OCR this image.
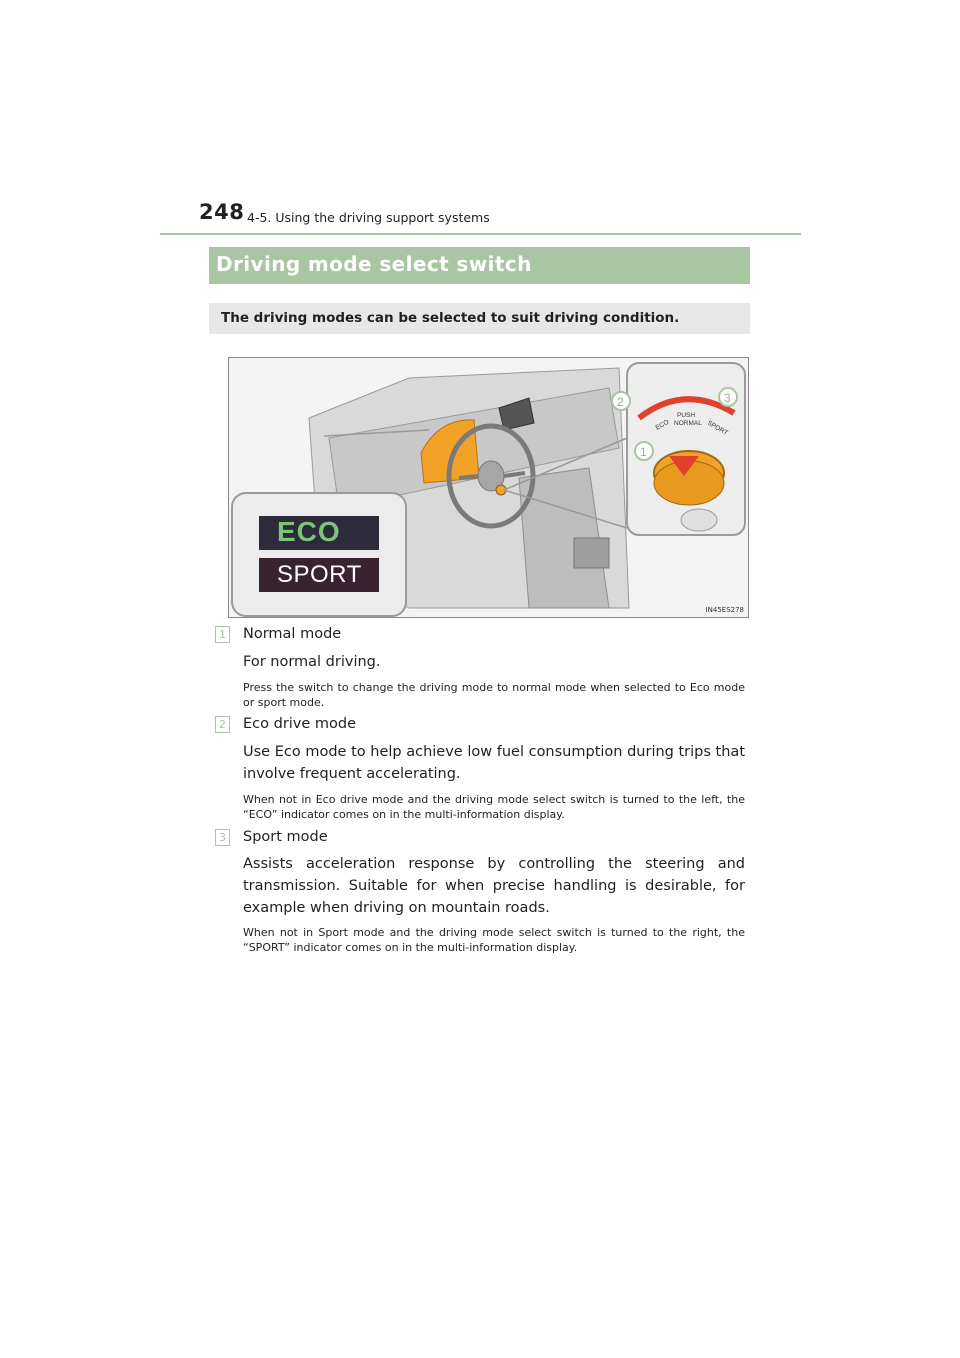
248 4-5. Using the driving support systems
Driving mode select switch
The driving modes can be selected to suit driving condition.
2	3
1
PUSH
NORMAL
ECO	SPORT
ECO
SPORT
IN45ES278
1 Normal mode
For normal driving.
Press the switch to change the driving mode to normal mode when selected to Eco mode or sport mode.
2 Eco drive mode
Use Eco mode to help achieve low fuel consumption during trips that involve frequent accelerating.
When not in Eco drive mode and the driving mode select switch is turned to the left, the “ECO” indicator comes on in the multi-information display.
3 Sport mode
Assists acceleration response by controlling the steering and transmission. Suitable for when precise handling is desirable, for example when driving on mountain roads.
When not in Sport mode and the driving mode select switch is turned to the right, the “SPORT” indicator comes on in the multi-information display.
